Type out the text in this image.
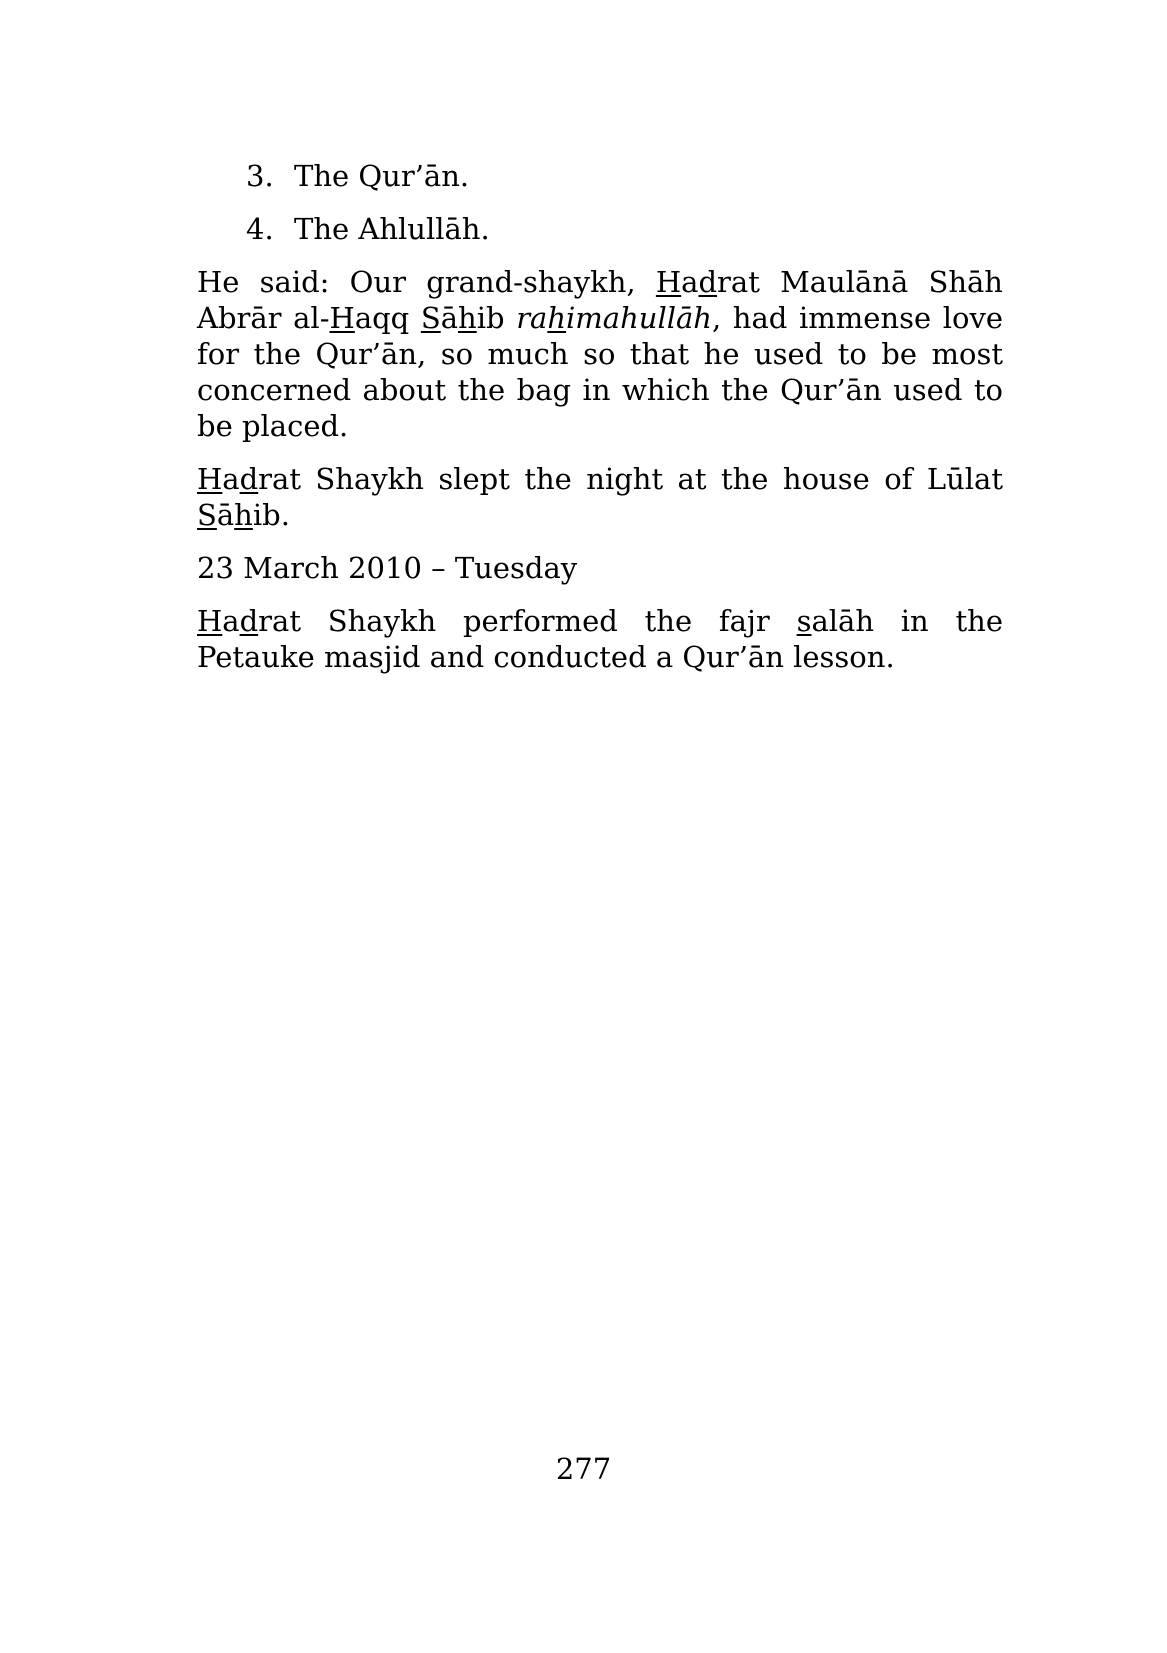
3. The Qur’ān.
4. The Ahlullāh.
He said: Our grand-shaykh, Hadrat Maulānā Shāh Abrār al-Haqq Sāhib rahimahullāh, had immense love for the Qur’ān, so much so that he used to be most concerned about the bag in which the Qur’ān used to be placed.
Hadrat Shaykh slept the night at the house of Lūlat Sāhib.
23 March 2010 – Tuesday
Hadrat Shaykh performed the fajr salāh in the Petauke masjid and conducted a Qur’ān lesson.
277
